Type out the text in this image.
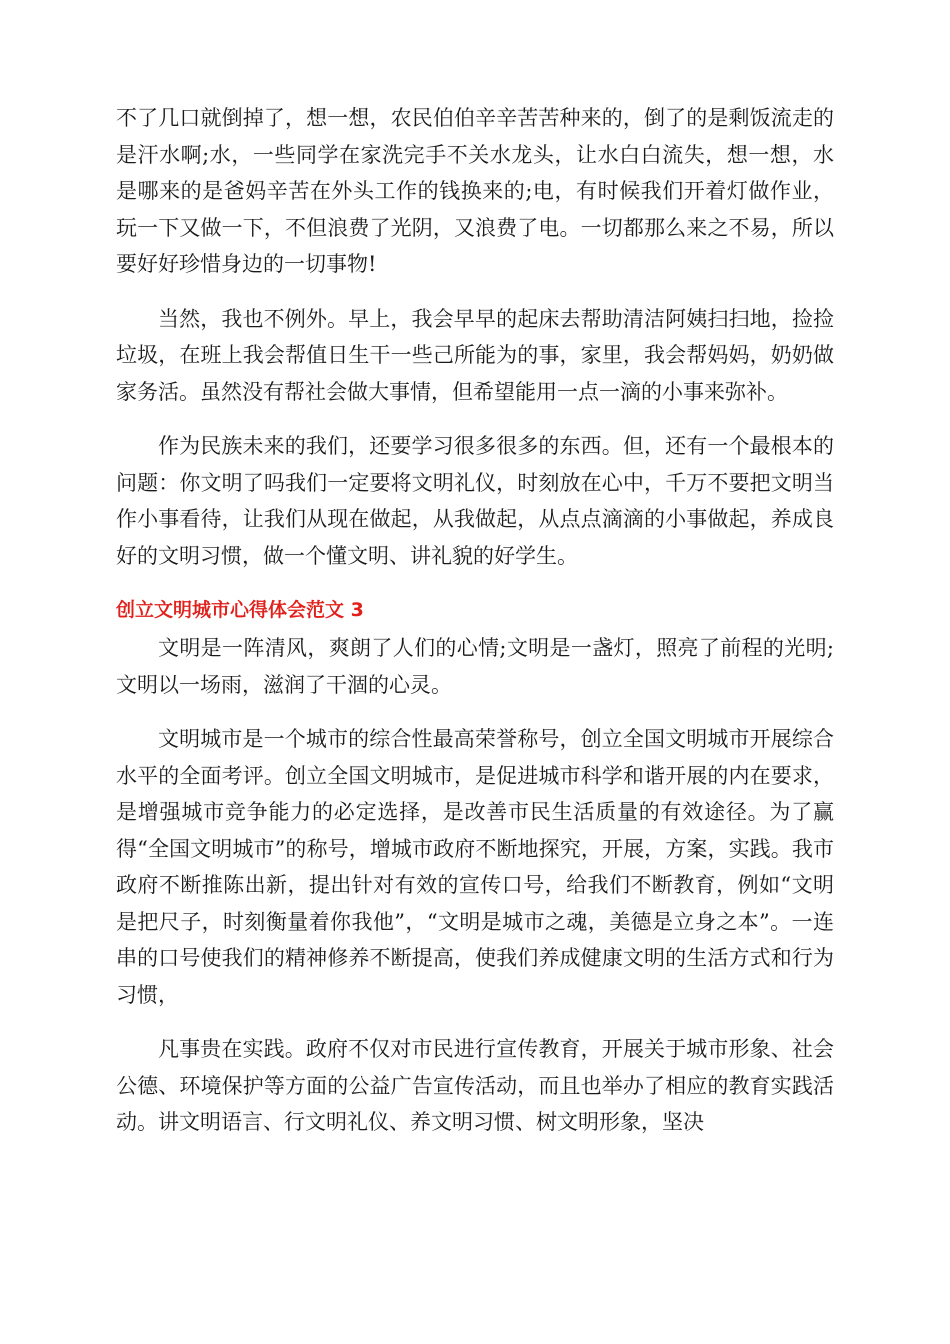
不了几口就倒掉了，想一想，农民伯伯辛辛苦苦种来的，倒了的是剩饭流走的是汗水啊;水，一些同学在家洗完手不关水龙头，让水白白流失，想一想，水是哪来的是爸妈辛苦在外头工作的钱换来的;电，有时候我们开着灯做作业，玩一下又做一下，不但浪费了光阴，又浪费了电。一切都那么来之不易，所以要好好珍惜身边的一切事物!

当然，我也不例外。早上，我会早早的起床去帮助清洁阿姨扫扫地，捡捡垃圾，在班上我会帮值日生干一些己所能为的事，家里，我会帮妈妈，奶奶做家务活。虽然没有帮社会做大事情，但希望能用一点一滴的小事来弥补。

作为民族未来的我们，还要学习很多很多的东西。但，还有一个最根本的问题：你文明了吗我们一定要将文明礼仪，时刻放在心中，千万不要把文明当作小事看待，让我们从现在做起，从我做起，从点点滴滴的小事做起，养成良好的文明习惯，做一个懂文明、讲礼貌的好学生。

创立文明城市心得体会范文 3

文明是一阵清风，爽朗了人们的心情;文明是一盏灯，照亮了前程的光明;文明以一场雨，滋润了干涸的心灵。

文明城市是一个城市的综合性最高荣誉称号，创立全国文明城市开展综合水平的全面考评。创立全国文明城市，是促进城市科学和谐开展的内在要求，是增强城市竞争能力的必定选择，是改善市民生活质量的有效途径。为了赢得“全国文明城市”的称号，增城市政府不断地探究，开展，方案，实践。我市政府不断推陈出新，提出针对有效的宣传口号，给我们不断教育，例如“文明是把尺子，时刻衡量着你我他”，“文明是城市之魂，美德是立身之本”。一连串的口号使我们的精神修养不断提高，使我们养成健康文明的生活方式和行为习惯，

凡事贵在实践。政府不仅对市民进行宣传教育，开展关于城市形象、社会公德、环境保护等方面的公益广告宣传活动，而且也举办了相应的教育实践活动。讲文明语言、行文明礼仪、养文明习惯、树文明形象，坚决
